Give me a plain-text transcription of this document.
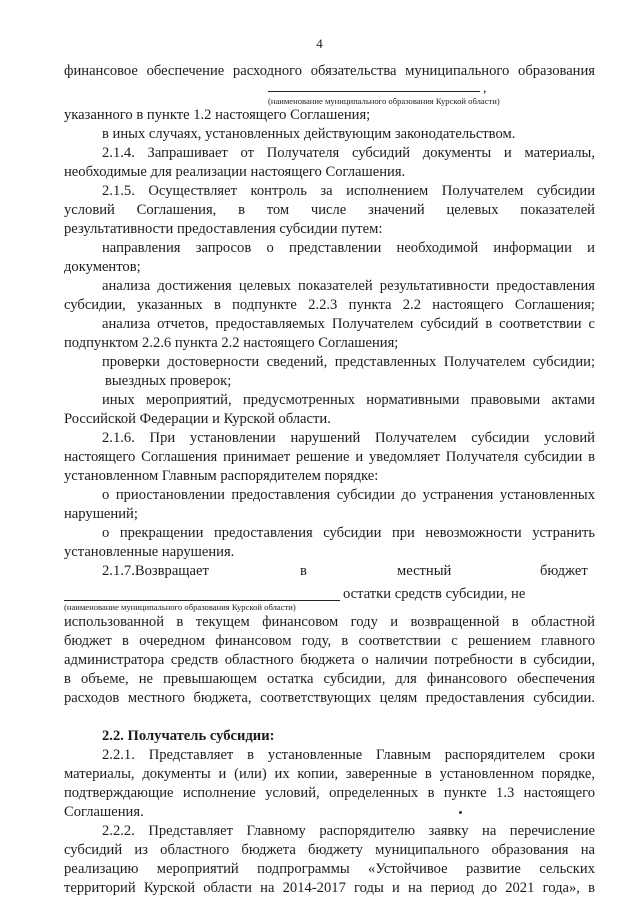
4
финансовое обеспечение расходного обязательства муниципального образования
,
(наименование муниципального образования Курской области)
указанного в пункте 1.2 настоящего Соглашения;
в иных случаях, установленных действующим законодательством.
2.1.4. Запрашивает от Получателя субсидий документы и материалы,
необходимые для реализации настоящего Соглашения.
2.1.5. Осуществляет контроль за исполнением Получателем субсидии
условий Соглашения, в том числе значений целевых показателей
результативности предоставления субсидии путем:
направления запросов о представлении необходимой информации и
документов;
анализа достижения целевых показателей результативности предоставления
субсидии, указанных в подпункте 2.2.3 пункта 2.2 настоящего Соглашения;
анализа отчетов, предоставляемых Получателем субсидий в соответствии с
подпунктом 2.2.6 пункта 2.2 настоящего Соглашения;
проверки достоверности сведений, представленных Получателем субсидии;
выездных проверок;
иных мероприятий, предусмотренных нормативными правовыми актами
Российской Федерации и Курской области.
2.1.6. При установлении нарушений Получателем субсидии условий
настоящего Соглашения принимает решение и уведомляет Получателя субсидии в
установленном Главным распорядителем порядке:
о приостановлении предоставления субсидии до устранения установленных
нарушений;
о прекращении предоставления субсидии при невозможности устранить
установленные нарушения.
2.1.7.Возвращает	в	местный	бюджет
остатки средств субсидии, не
(наименование муниципального образования Курской области)
использованной в текущем финансовом году и возвращенной в областной
бюджет в очередном финансовом году, в соответствии с решением главного
администратора средств областного бюджета о наличии потребности в субсидии,
в объеме, не превышающем остатка субсидии, для финансового обеспечения
расходов местного бюджета, соответствующих целям предоставления субсидии.
2.2. Получатель субсидии:
2.2.1. Представляет в установленные Главным распорядителем сроки
материалы, документы и (или) их копии, заверенные в установленном порядке,
подтверждающие исполнение условий, определенных в пункте 1.3 настоящего
Соглашения.
2.2.2. Представляет Главному распорядителю заявку на перечисление
субсидий из областного бюджета бюджету муниципального образования на
реализацию мероприятий подпрограммы «Устойчивое развитие сельских
территорий Курской области на 2014-2017 годы и на период до 2021 года», в
